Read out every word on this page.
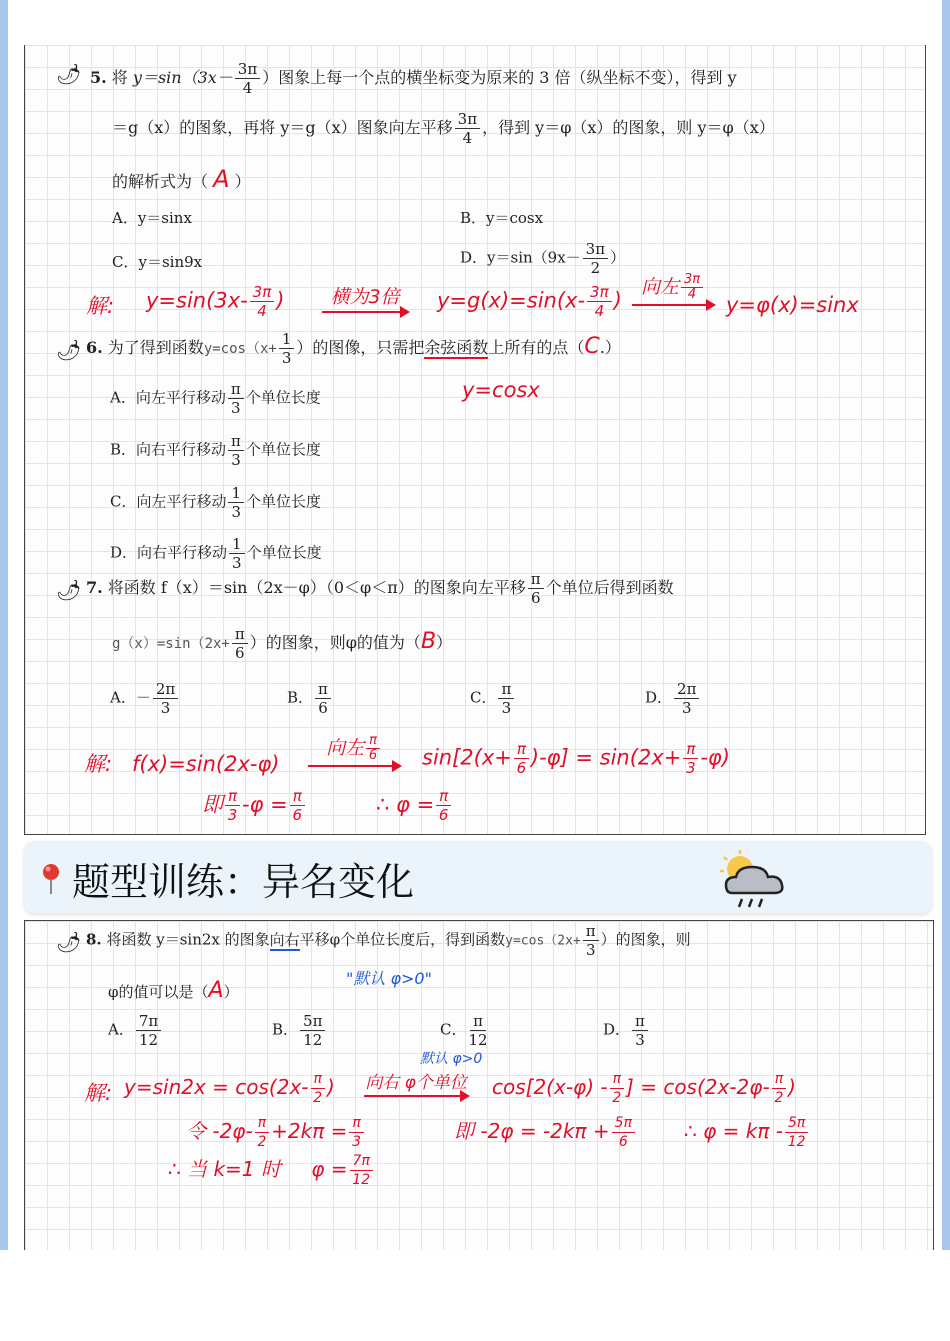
🌶 5. 将 $y=\sin(3x- \frac{3\pi}{4}$ ）图象上每一个点的横坐标变为原来的 3 倍（纵坐标不变），得到 y
＝g（x）的图象，再将 y＝g（x）图象向左平移 $\frac{3\pi}{4}$ ，得到 y＝φ（x）的图象，则 y＝φ（x）
的解析式为（ A ）
A．y＝sinx	B．y＝cosx
C．y＝sin9x	D．$y=\sin(9x- \frac{3\pi}{2}$ ）
解: $y=\sin(3x- \frac{3\pi}{4}$ )	横为3倍	$y=g(x)=\sin(x- \frac{3\pi}{4}$ )
向左 $\frac{3\pi}{4}$
y=φ(x)=sinx
🌶 6. 为了得到函数$y=\cos(x+ \frac{1}{3}$ ）的图像，只需把余弦函数上所有的点（C.）
y=cosx
A．向左平行移动 $\frac{\pi}{3}$ 个单位长度
B．向右平行移动 $\frac{\pi}{3}$ 个单位长度
C．向左平行移动 $\frac{1}{3}$ 个单位长度
D．向右平行移动 $\frac{1}{3}$ 个单位长度
🌶 7. 将函数 f（x）＝sin（2x－φ）（0＜φ＜π）的图象向左平移 $\frac{\pi}{6}$ 个单位后得到函数
$g(x)=\sin(2x+ \frac{\pi}{6}$ ）的图象，则φ的值为（B）
A．－ $\frac{2\pi}{3}$	B． $\frac{\pi}{6}$	C． $\frac{\pi}{3}$	D． $\frac{2\pi}{3}$
解: f(x)=sin(2x-φ)
向左 $\frac{\pi}{6} \sin[2(x+ \frac{\pi}{6} )-\varphi] = \sin(2x+ \frac{\pi}{3} -\varphi)$
即 $\frac{\pi}{3} -\varphi = \frac{\pi}{6}$	∴ $\varphi = \frac{\pi}{6}$
题型训练：异名变化
🌶 8. 将函数 y＝sin2x 的图象向右平移φ个单位长度后，得到函数$y=\cos(2x+ \frac{\pi}{3}$ ）的图象，则
"默认 φ>0"
φ的值可以是（A）
A． $\frac{7\pi}{12}$	B． $\frac{5\pi}{12}$	C． $\frac{\pi}{12}$	D． $\frac{\pi}{3}$
默认 φ>0
解: $y=\sin 2x = \cos(2x- \frac{\pi}{2}$ ) 向右 φ个单位 $\cos[2(x-\varphi) - \frac{\pi}{2}$ ] = $\cos(2x-2\varphi- \frac{\pi}{2}$ )
令 $-2\varphi- \frac{\pi}{2} +2k\pi = \frac{\pi}{3}$	即 $-2\varphi = -2k\pi + \frac{5\pi}{6}$ ∴ $\varphi = k\pi - \frac{5\pi}{12}$
∴ 当 k=1 时 $\varphi = \frac{7\pi}{12}$
